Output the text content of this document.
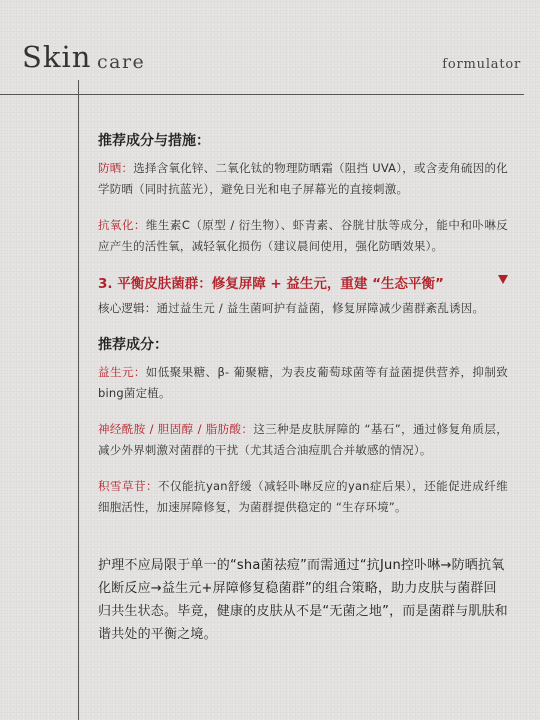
Skin care	formulator
推荐成分与措施：

防晒：选择含氧化锌、二氧化钛的物理防晒霜（阻挡 UVA），或含麦角硫因的化学防晒（同时抗蓝光），避免日光和电子屏幕光的直接刺激。

抗氧化：维生素C（原型 / 衍生物）、虾青素、谷胱甘肽等成分，能中和卟啉反应产生的活性氧，减轻氧化损伤（建议晨间使用，强化防晒效果）。

3. 平衡皮肤菌群：修复屏障 + 益生元，重建 “生态平衡”

核心逻辑：通过益生元 / 益生菌呵护有益菌，修复屏障减少菌群紊乱诱因。

推荐成分：

益生元：如低聚果糖、β- 葡聚糖，为表皮葡萄球菌等有益菌提供营养，抑制致bing菌定植。

神经酰胺 / 胆固醇 / 脂肪酸：这三种是皮肤屏障的 “基石”，通过修复角质层，减少外界刺激对菌群的干扰（尤其适合油痘肌合并敏感的情况）。

积雪草苷：不仅能抗yan舒缓（减轻卟啉反应的yan症后果），还能促进成纤维细胞活性，加速屏障修复，为菌群提供稳定的 “生存环境”。

护理不应局限于单一的“sha菌祛痘”而需通过“抗Jun控卟啉→防晒抗氧化断反应→益生元+屏障修复稳菌群”的组合策略，助力皮肤与菌群回归共生状态。毕竟，健康的皮肤从不是“无菌之地”，而是菌群与肌肤和谐共处的平衡之境。
